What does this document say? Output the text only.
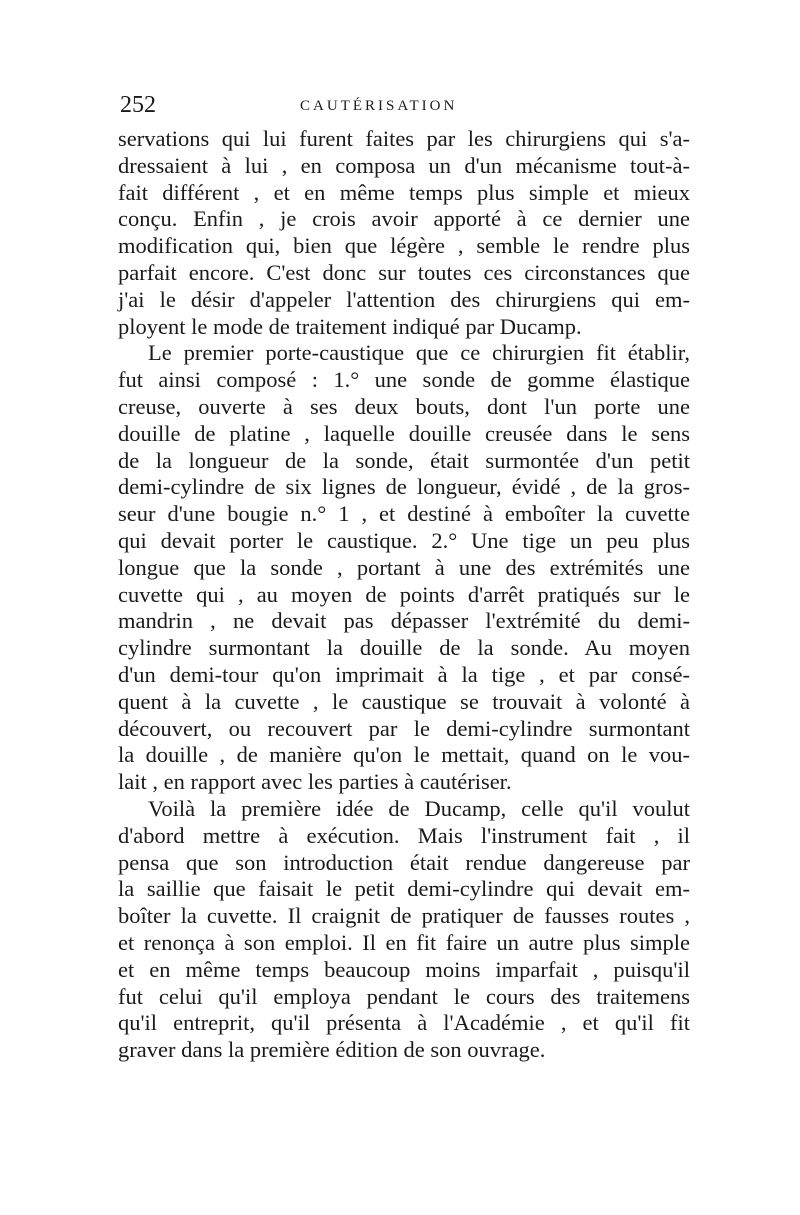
252	CAUTÉRISATION
servations qui lui furent faites par les chirurgiens qui s'a-
dressaient à lui , en composa un d'un mécanisme tout-à-
fait différent , et en même temps plus simple et mieux
conçu. Enfin , je crois avoir apporté à ce dernier une
modification qui, bien que légère , semble le rendre plus
parfait encore. C'est donc sur toutes ces circonstances que
j'ai le désir d'appeler l'attention des chirurgiens qui em-
ployent le mode de traitement indiqué par Ducamp.
Le premier porte-caustique que ce chirurgien fit établir,
fut ainsi composé : 1.° une sonde de gomme élastique
creuse, ouverte à ses deux bouts, dont l'un porte une
douille de platine , laquelle douille creusée dans le sens
de la longueur de la sonde, était surmontée d'un petit
demi-cylindre de six lignes de longueur, évidé , de la gros-
seur d'une bougie n.° 1 , et destiné à emboîter la cuvette
qui devait porter le caustique. 2.° Une tige un peu plus
longue que la sonde , portant à une des extrémités une
cuvette qui , au moyen de points d'arrêt pratiqués sur le
mandrin , ne devait pas dépasser l'extrémité du demi-
cylindre surmontant la douille de la sonde. Au moyen
d'un demi-tour qu'on imprimait à la tige , et par consé-
quent à la cuvette , le caustique se trouvait à volonté à
découvert, ou recouvert par le demi-cylindre surmontant
la douille , de manière qu'on le mettait, quand on le vou-
lait , en rapport avec les parties à cautériser.
Voilà la première idée de Ducamp, celle qu'il voulut
d'abord mettre à exécution. Mais l'instrument fait , il
pensa que son introduction était rendue dangereuse par
la saillie que faisait le petit demi-cylindre qui devait em-
boîter la cuvette. Il craignit de pratiquer de fausses routes ,
et renonça à son emploi. Il en fit faire un autre plus simple
et en même temps beaucoup moins imparfait , puisqu'il
fut celui qu'il employa pendant le cours des traitemens
qu'il entreprit, qu'il présenta à l'Académie , et qu'il fit
graver dans la première édition de son ouvrage.
